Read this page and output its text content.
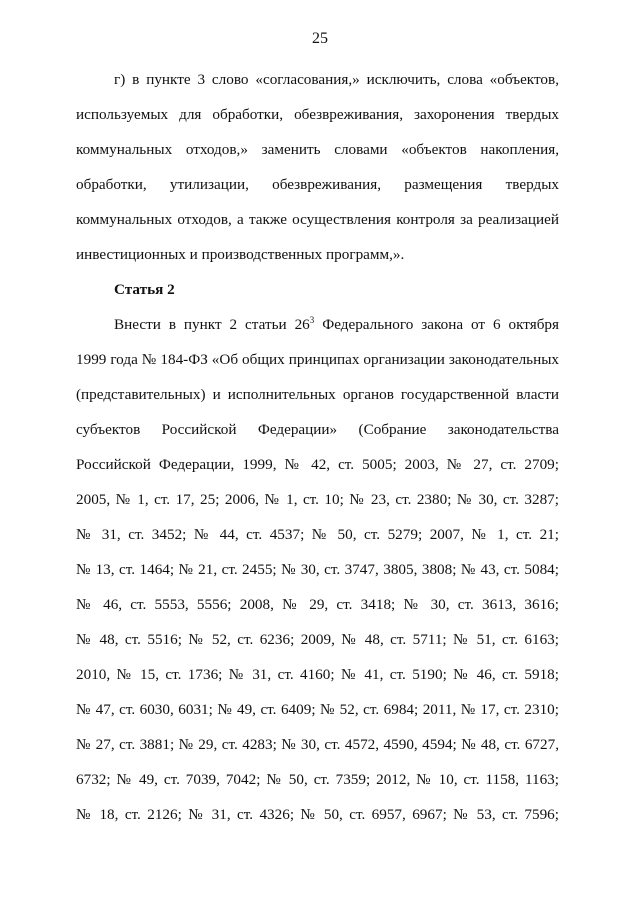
25
г) в пункте 3 слово «согласования,» исключить, слова «объектов,
используемых для обработки, обезвреживания, захоронения твердых
коммунальных отходов,» заменить словами «объектов накопления,
обработки, утилизации, обезвреживания, размещения твердых
коммунальных отходов, а также осуществления контроля за реализацией
инвестиционных и производственных программ,».
Статья 2
Внести в пункт 2 статьи $26^3$ Федерального закона от 6 октября
1999 года № 184-ФЗ «Об общих принципах организации законодательных
(представительных) и исполнительных органов государственной власти
субъектов Российской Федерации» (Собрание законодательства
Российской Федерации, 1999, № 42, ст. 5005; 2003, № 27, ст. 2709;
2005, № 1, ст. 17, 25; 2006, № 1, ст. 10; № 23, ст. 2380; № 30, ст. 3287;
№ 31, ст. 3452; № 44, ст. 4537; № 50, ст. 5279; 2007, № 1, ст. 21;
№ 13, ст. 1464; № 21, ст. 2455; № 30, ст. 3747, 3805, 3808; № 43, ст. 5084;
№ 46, ст. 5553, 5556; 2008, № 29, ст. 3418; № 30, ст. 3613, 3616;
№ 48, ст. 5516; № 52, ст. 6236; 2009, № 48, ст. 5711; № 51, ст. 6163;
2010, № 15, ст. 1736; № 31, ст. 4160; № 41, ст. 5190; № 46, ст. 5918;
№ 47, ст. 6030, 6031; № 49, ст. 6409; № 52, ст. 6984; 2011, № 17, ст. 2310;
№ 27, ст. 3881; № 29, ст. 4283; № 30, ст. 4572, 4590, 4594; № 48, ст. 6727,
6732; № 49, ст. 7039, 7042; № 50, ст. 7359; 2012, № 10, ст. 1158, 1163;
№ 18, ст. 2126; № 31, ст. 4326; № 50, ст. 6957, 6967; № 53, ст. 7596;
